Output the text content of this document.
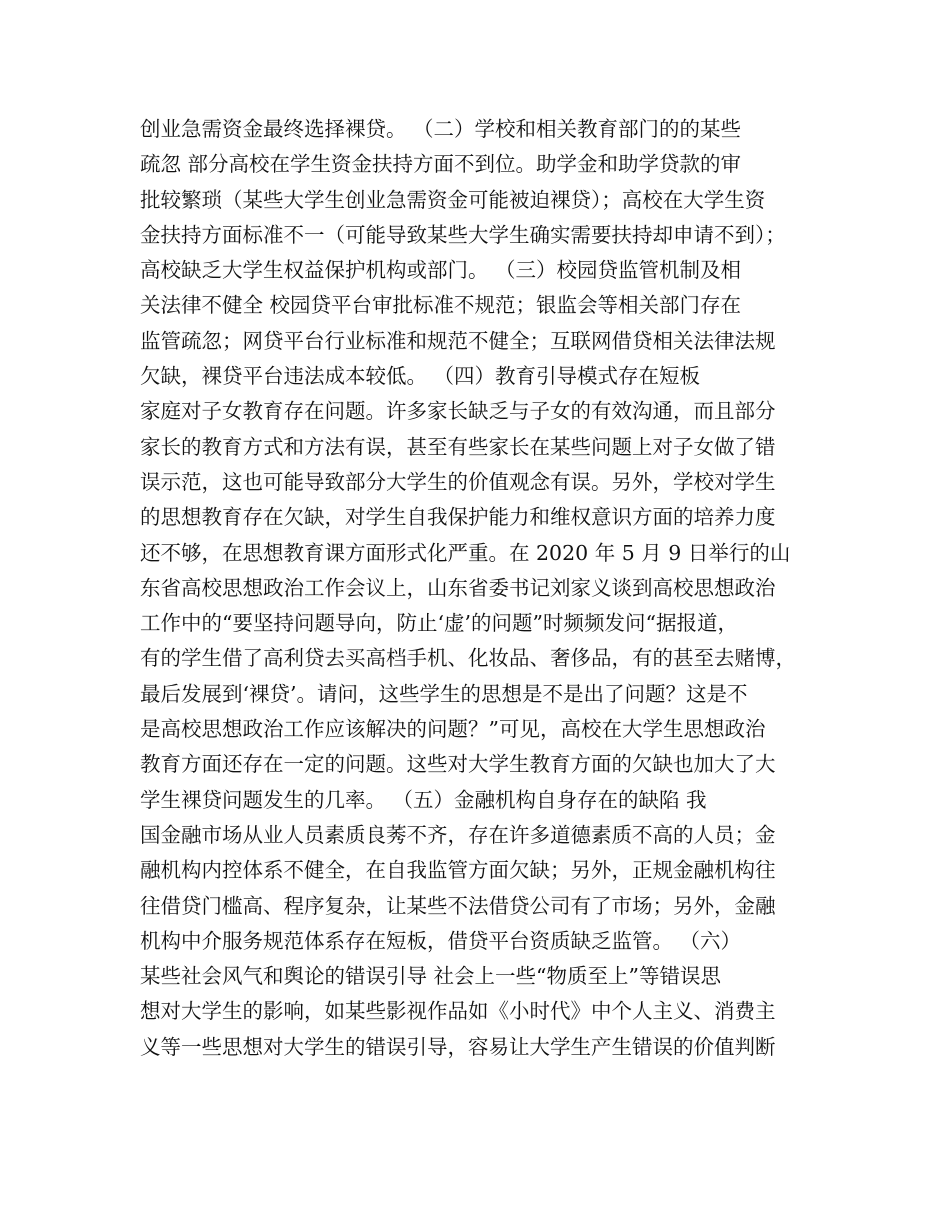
创业急需资金最终选择裸贷。 （二）学校和相关教育部门的的某些
疏忽 部分高校在学生资金扶持方面不到位。助学金和助学贷款的审
批较繁琐（某些大学生创业急需资金可能被迫裸贷）；高校在大学生资
金扶持方面标准不一（可能导致某些大学生确实需要扶持却申请不到）；
高校缺乏大学生权益保护机构或部门。 （三）校园贷监管机制及相
关法律不健全 校园贷平台审批标准不规范；银监会等相关部门存在
监管疏忽；网贷平台行业标准和规范不健全；互联网借贷相关法律法规
欠缺，裸贷平台违法成本较低。 （四）教育引导模式存在短板
家庭对子女教育存在问题。许多家长缺乏与子女的有效沟通，而且部分
家长的教育方式和方法有误，甚至有些家长在某些问题上对子女做了错
误示范，这也可能导致部分大学生的价值观念有误。另外，学校对学生
的思想教育存在欠缺，对学生自我保护能力和维权意识方面的培养力度
还不够，在思想教育课方面形式化严重。在 2020 年 5 月 9 日举行的山
东省高校思想政治工作会议上，山东省委书记刘家义谈到高校思想政治
工作中的“要坚持问题导向，防止‘虚’的问题”时频频发问“据报道，
有的学生借了高利贷去买高档手机、化妆品、奢侈品，有的甚至去赌博，
最后发展到‘裸贷’。请问，这些学生的思想是不是出了问题？这是不
是高校思想政治工作应该解决的问题？”可见，高校在大学生思想政治
教育方面还存在一定的问题。这些对大学生教育方面的欠缺也加大了大
学生裸贷问题发生的几率。 （五）金融机构自身存在的缺陷 我
国金融市场从业人员素质良莠不齐，存在许多道德素质不高的人员；金
融机构内控体系不健全，在自我监管方面欠缺；另外，正规金融机构往
往借贷门槛高、程序复杂，让某些不法借贷公司有了市场；另外，金融
机构中介服务规范体系存在短板，借贷平台资质缺乏监管。 （六）
某些社会风气和舆论的错误引导 社会上一些“物质至上”等错误思
想对大学生的影响，如某些影视作品如《小时代》中个人主义、消费主
义等一些思想对大学生的错误引导，容易让大学生产生错误的价值判断
